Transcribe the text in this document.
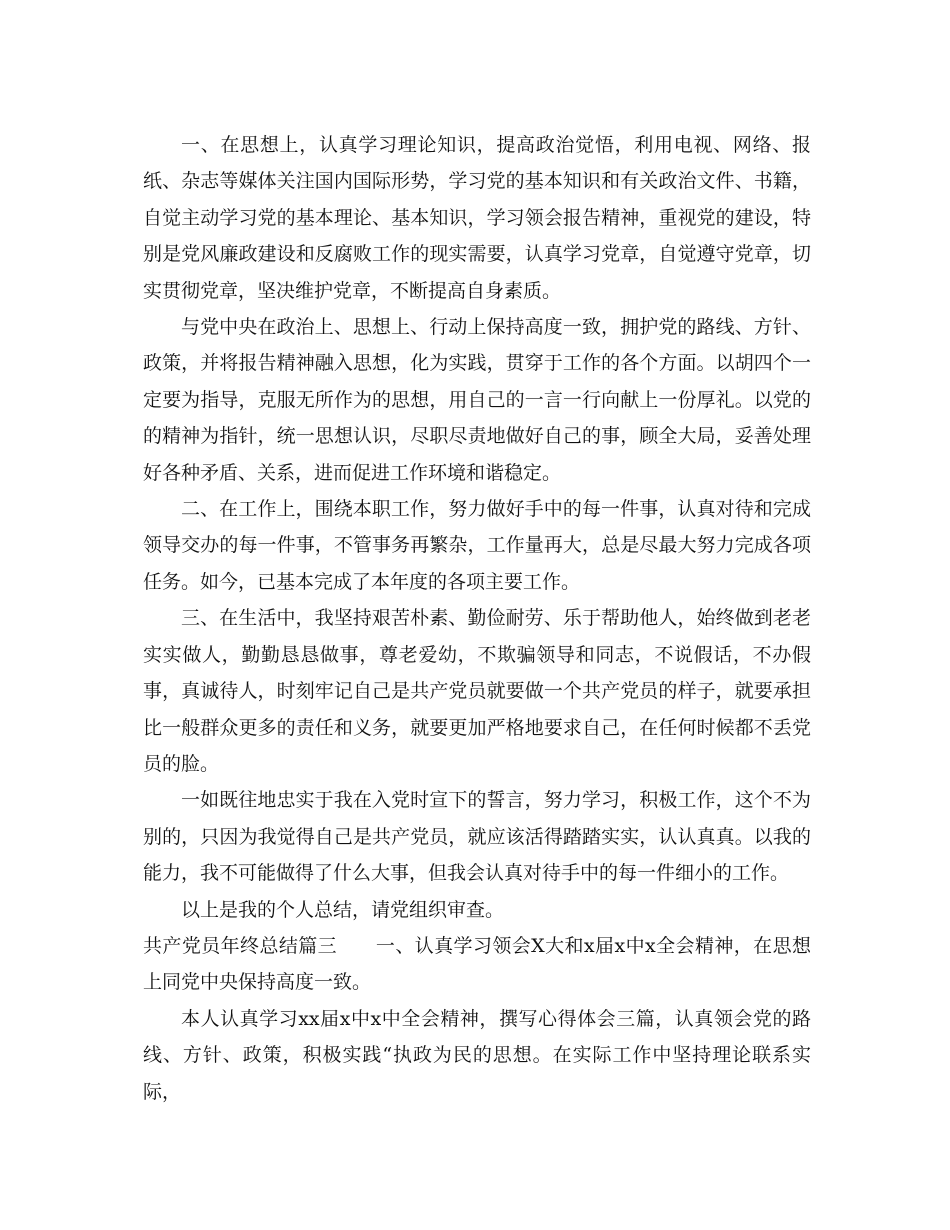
一、在思想上，认真学习理论知识，提高政治觉悟，利用电视、网络、报纸、杂志等媒体关注国内国际形势，学习党的基本知识和有关政治文件、书籍，自觉主动学习党的基本理论、基本知识，学习领会报告精神，重视党的建设，特别是党风廉政建设和反腐败工作的现实需要，认真学习党章，自觉遵守党章，切实贯彻党章，坚决维护党章，不断提高自身素质。

与党中央在政治上、思想上、行动上保持高度一致，拥护党的路线、方针、政策，并将报告精神融入思想，化为实践，贯穿于工作的各个方面。以胡四个一定要为指导，克服无所作为的思想，用自己的一言一行向献上一份厚礼。以党的的精神为指针，统一思想认识，尽职尽责地做好自己的事，顾全大局，妥善处理好各种矛盾、关系，进而促进工作环境和谐稳定。

二、在工作上，围绕本职工作，努力做好手中的每一件事，认真对待和完成领导交办的每一件事，不管事务再繁杂，工作量再大，总是尽最大努力完成各项任务。如今，已基本完成了本年度的各项主要工作。

三、在生活中，我坚持艰苦朴素、勤俭耐劳、乐于帮助他人，始终做到老老实实做人，勤勤恳恳做事，尊老爱幼，不欺骗领导和同志，不说假话，不办假事，真诚待人，时刻牢记自己是共产党员就要做一个共产党员的样子，就要承担比一般群众更多的责任和义务，就要更加严格地要求自己，在任何时候都不丢党员的脸。

一如既往地忠实于我在入党时宣下的誓言，努力学习，积极工作，这个不为别的，只因为我觉得自己是共产党员，就应该活得踏踏实实，认认真真。以我的能力，我不可能做得了什么大事，但我会认真对待手中的每一件细小的工作。

以上是我的个人总结，请党组织审查。

共产党员年终总结篇三　　一、认真学习领会X大和x届x中x全会精神，在思想上同党中央保持高度一致。

本人认真学习xx届x中x中全会精神，撰写心得体会三篇，认真领会党的路线、方针、政策，积极实践“执政为民的思想。在实际工作中坚持理论联系实际，
